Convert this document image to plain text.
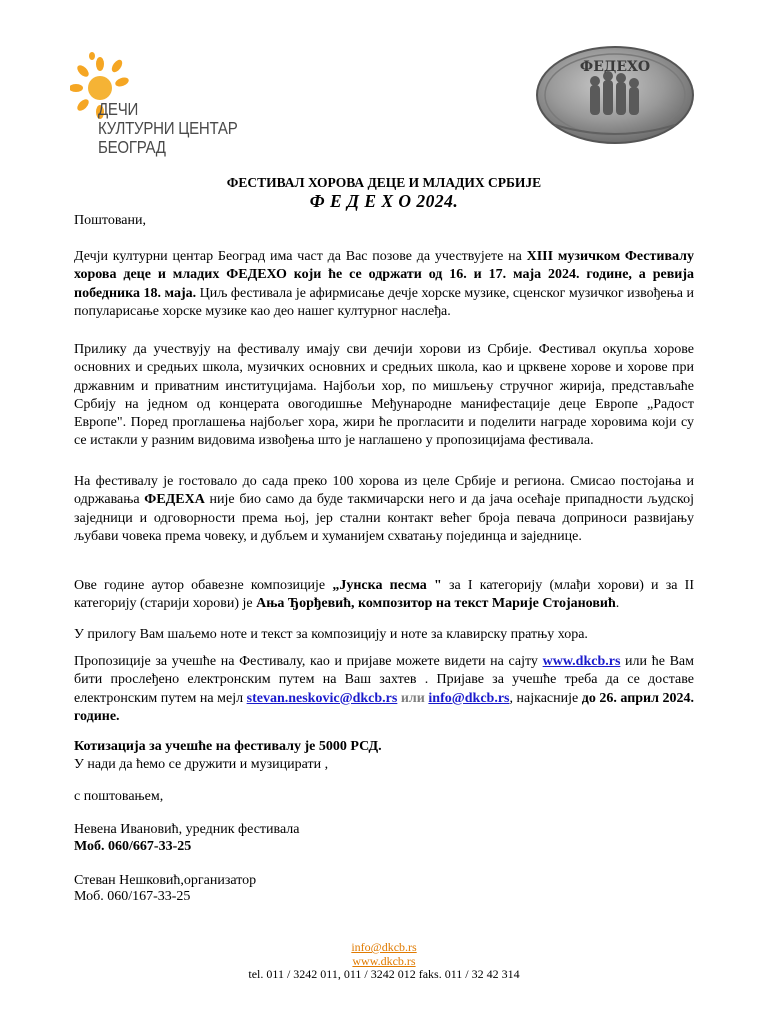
ДЕЧИ
КУЛТУРНИ ЦЕНТАР
БЕОГРАД
ФЕДЕХО
ФЕСТИВАЛ ХОРОВА ДЕЦЕ И МЛАДИХ СРБИЈЕ
Ф Е Д Е Х О 2024.
Поштовани,
Дечји културни центар Београд има част да Вас позове да учествујете на XIII музичком Фестивалу хорова деце и младих ФЕДЕХО који ће се одржати од 16. и 17. маја 2024. године, а ревија победника 18. маја. Циљ фестивала је афирмисање дечје хорске музике, сценског музичког извођења и популарисање хорске музике као део нашег културног наслеђа.
Прилику да учествују на фестивалу имају сви дечији хорови из Србије. Фестивал окупља хорове основних и средњих школа, музичких основних и средњих школа, као и црквене хорове и хорове при државним и приватним институцијама. Најбољи хор, по мишљењу стручног жирија, представљаће Србију на једном од концерата овогодишње Међународне манифестације деце Европе „Радост Европе". Поред проглашења најбољег хора, жири ће прогласити и поделити награде хоровима који су се истакли у разним видовима извођења што је наглашено у пропозицијама фестивала.
На фестивалу је гостовало до сада преко 100 хорова из целе Србије и региона. Смисао постојања и одржавања ФЕДЕХА није био само да буде такмичарски него и да јача осећаје припадности људској заједници и одговорности према њој, јер стални контакт већег броја певача доприноси развијању љубави човека према човеку, и дубљем и хуманијем схватању појединца и заједнице.
Ове године аутор обавезне композиције „Јунска песма " за I категорију (млађи хорови) и за II категорију (старији хорови) је Ања Ђорђевић, композитор на текст Марије Стојановић.
У прилогу Вам шаљемо ноте и текст за композицију и ноте за клавирску пратњу хора.
Пропозиције за учешће на Фестивалу, као и пријаве можете видети на сајту www.dkcb.rs или ће Вам бити прослеђено електронским путем на Ваш захтев . Пријаве за учешће треба да се доставе електронским путем на мејл stevan.neskovic@dkcb.rs или info@dkcb.rs, најкасније до 26. април 2024. године.
Котизација за учешће на фестивалу је 5000 РСД.
У нади да ћемо се дружити и музицирати ,
с поштовањем,
Невена Ивановић, уредник фестивала
Моб. 060/667-33-25
Стеван Нешковић,организатор
Моб. 060/167-33-25
info@dkcb.rs
www.dkcb.rs
tel. 011 / 3242 011, 011 / 3242 012 faks. 011 / 32 42 314
